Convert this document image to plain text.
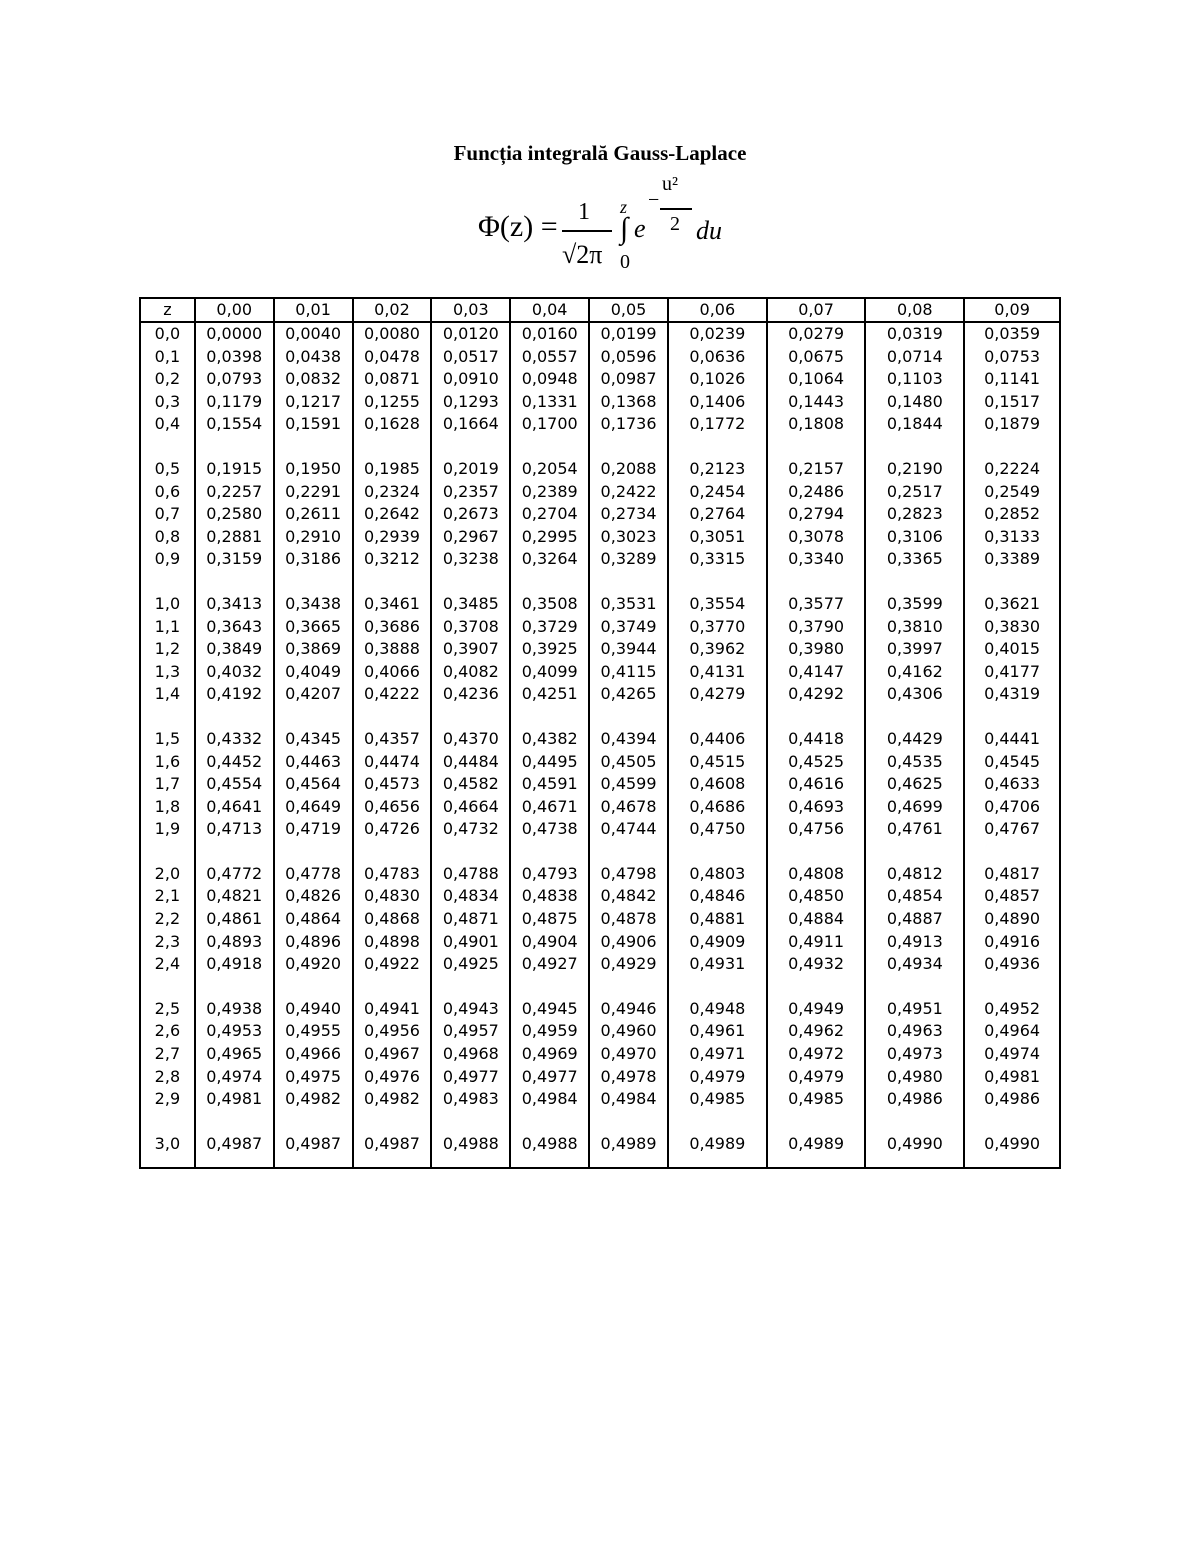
Funcția integrală Gauss-Laplace
Φ(z) = 1
√2π
z
∫
0
e
−
u²
2 du
z	0,00	0,01	0,02	0,03	0,04	0,05	0,06	0,07	0,08	0,09
0,0	0,0000	0,0040	0,0080	0,0120	0,0160	0,0199	0,0239	0,0279	0,0319	0,0359
0,1	0,0398	0,0438	0,0478	0,0517	0,0557	0,0596	0,0636	0,0675	0,0714	0,0753
0,2	0,0793	0,0832	0,0871	0,0910	0,0948	0,0987	0,1026	0,1064	0,1103	0,1141
0,3	0,1179	0,1217	0,1255	0,1293	0,1331	0,1368	0,1406	0,1443	0,1480	0,1517
0,4	0,1554	0,1591	0,1628	0,1664	0,1700	0,1736	0,1772	0,1808	0,1844	0,1879
0,5	0,1915	0,1950	0,1985	0,2019	0,2054	0,2088	0,2123	0,2157	0,2190	0,2224
0,6	0,2257	0,2291	0,2324	0,2357	0,2389	0,2422	0,2454	0,2486	0,2517	0,2549
0,7	0,2580	0,2611	0,2642	0,2673	0,2704	0,2734	0,2764	0,2794	0,2823	0,2852
0,8	0,2881	0,2910	0,2939	0,2967	0,2995	0,3023	0,3051	0,3078	0,3106	0,3133
0,9	0,3159	0,3186	0,3212	0,3238	0,3264	0,3289	0,3315	0,3340	0,3365	0,3389
1,0	0,3413	0,3438	0,3461	0,3485	0,3508	0,3531	0,3554	0,3577	0,3599	0,3621
1,1	0,3643	0,3665	0,3686	0,3708	0,3729	0,3749	0,3770	0,3790	0,3810	0,3830
1,2	0,3849	0,3869	0,3888	0,3907	0,3925	0,3944	0,3962	0,3980	0,3997	0,4015
1,3	0,4032	0,4049	0,4066	0,4082	0,4099	0,4115	0,4131	0,4147	0,4162	0,4177
1,4	0,4192	0,4207	0,4222	0,4236	0,4251	0,4265	0,4279	0,4292	0,4306	0,4319
1,5	0,4332	0,4345	0,4357	0,4370	0,4382	0,4394	0,4406	0,4418	0,4429	0,4441
1,6	0,4452	0,4463	0,4474	0,4484	0,4495	0,4505	0,4515	0,4525	0,4535	0,4545
1,7	0,4554	0,4564	0,4573	0,4582	0,4591	0,4599	0,4608	0,4616	0,4625	0,4633
1,8	0,4641	0,4649	0,4656	0,4664	0,4671	0,4678	0,4686	0,4693	0,4699	0,4706
1,9	0,4713	0,4719	0,4726	0,4732	0,4738	0,4744	0,4750	0,4756	0,4761	0,4767
2,0	0,4772	0,4778	0,4783	0,4788	0,4793	0,4798	0,4803	0,4808	0,4812	0,4817
2,1	0,4821	0,4826	0,4830	0,4834	0,4838	0,4842	0,4846	0,4850	0,4854	0,4857
2,2	0,4861	0,4864	0,4868	0,4871	0,4875	0,4878	0,4881	0,4884	0,4887	0,4890
2,3	0,4893	0,4896	0,4898	0,4901	0,4904	0,4906	0,4909	0,4911	0,4913	0,4916
2,4	0,4918	0,4920	0,4922	0,4925	0,4927	0,4929	0,4931	0,4932	0,4934	0,4936
2,5	0,4938	0,4940	0,4941	0,4943	0,4945	0,4946	0,4948	0,4949	0,4951	0,4952
2,6	0,4953	0,4955	0,4956	0,4957	0,4959	0,4960	0,4961	0,4962	0,4963	0,4964
2,7	0,4965	0,4966	0,4967	0,4968	0,4969	0,4970	0,4971	0,4972	0,4973	0,4974
2,8	0,4974	0,4975	0,4976	0,4977	0,4977	0,4978	0,4979	0,4979	0,4980	0,4981
2,9	0,4981	0,4982	0,4982	0,4983	0,4984	0,4984	0,4985	0,4985	0,4986	0,4986
3,0	0,4987	0,4987	0,4987	0,4988	0,4988	0,4989	0,4989	0,4989	0,4990	0,4990
